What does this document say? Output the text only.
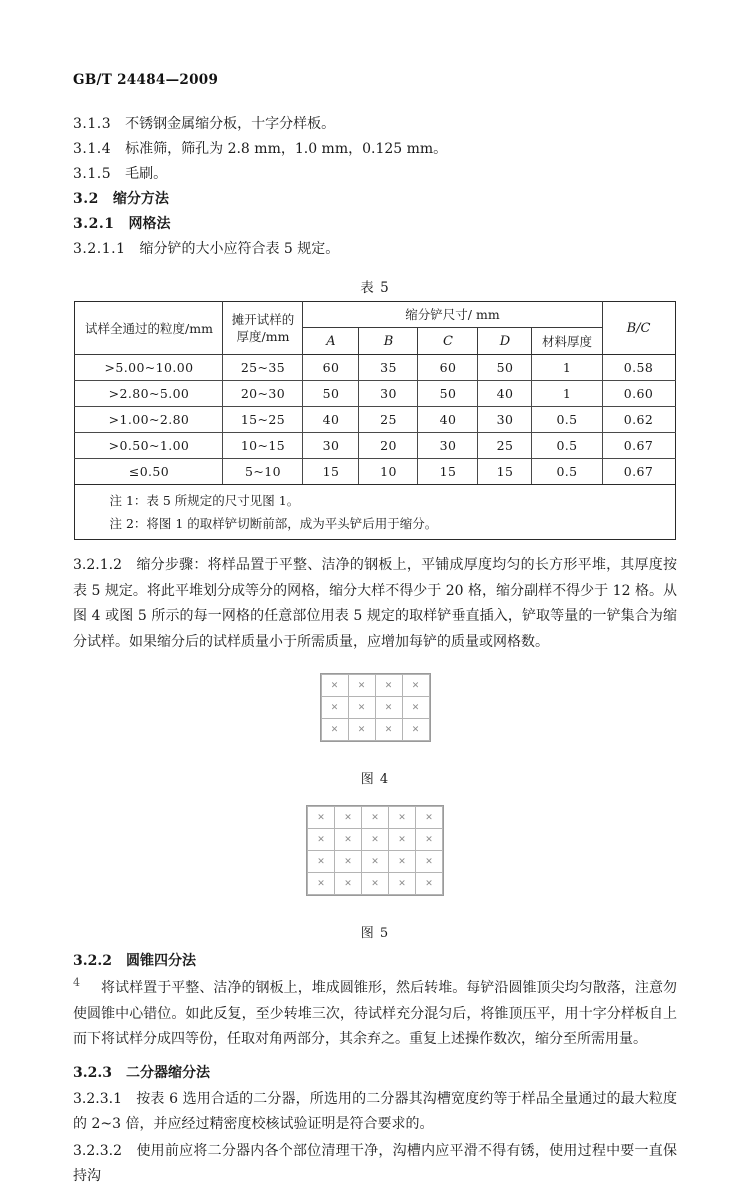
GB/T 24484—2009

3.1.3 不锈钢金属缩分板，十字分样板。

3.1.4 标准筛，筛孔为 2.8 mm，1.0 mm，0.125 mm。

3.1.5 毛刷。

3.2 缩分方法

3.2.1 网格法

3.2.1.1 缩分铲的大小应符合表 5 规定。

表 5
试样全通过的粒度/mm	摊开试样的
厚度/mm	缩分铲尺寸/ mm					B/C
		A	B	C	D	材料厚度	
>5.00~10.00	25~35	60	35	60	50	1	0.58
>2.80~5.00	20~30	50	30	50	40	1	0.60
>1.00~2.80	15~25	40	25	40	30	0.5	0.62
>0.50~1.00	10~15	30	20	30	25	0.5	0.67
≤0.50	5~10	15	10	15	15	0.5	0.67
注 1：表 5 所规定的尺寸见图 1。							
注 2：将图 1 的取样铲切断前部，成为平头铲后用于缩分。							

3.2.1.2　缩分步骤：将样品置于平整、洁净的钢板上，平铺成厚度均匀的长方形平堆，其厚度按表 5 规定。将此平堆划分成等分的网格，缩分大样不得少于 20 格，缩分副样不得少于 12 格。从图 4 或图 5 所示的每一网格的任意部位用表 5 规定的取样铲垂直插入，铲取等量的一铲集合为缩分试样。如果缩分后的试样质量小于所需质量，应增加每铲的质量或网格数。

✕	✕	✕	✕
✕	✕	✕	✕
✕	✕	✕	✕
图 4
✕	✕	✕	✕	✕
✕	✕	✕	✕	✕
✕	✕	✕	✕	✕
✕	✕	✕	✕	✕
图 5

3.2.2　圆锥四分法

将试样置于平整、洁净的钢板上，堆成圆锥形，然后转堆。每铲沿圆锥顶尖均匀散落，注意勿使圆锥中心错位。如此反复，至少转堆三次，待试样充分混匀后，将锥顶压平，用十字分样板自上而下将试样分成四等份，任取对角两部分，其余弃之。重复上述操作数次，缩分至所需用量。

3.2.3　二分器缩分法

3.2.3.1　按表 6 选用合适的二分器，所选用的二分器其沟槽宽度约等于样品全量通过的最大粒度的 2~3 倍，并应经过精密度校核试验证明是符合要求的。

3.2.3.2　使用前应将二分器内各个部位清理干净，沟槽内应平滑不得有锈，使用过程中要一直保持沟

4
